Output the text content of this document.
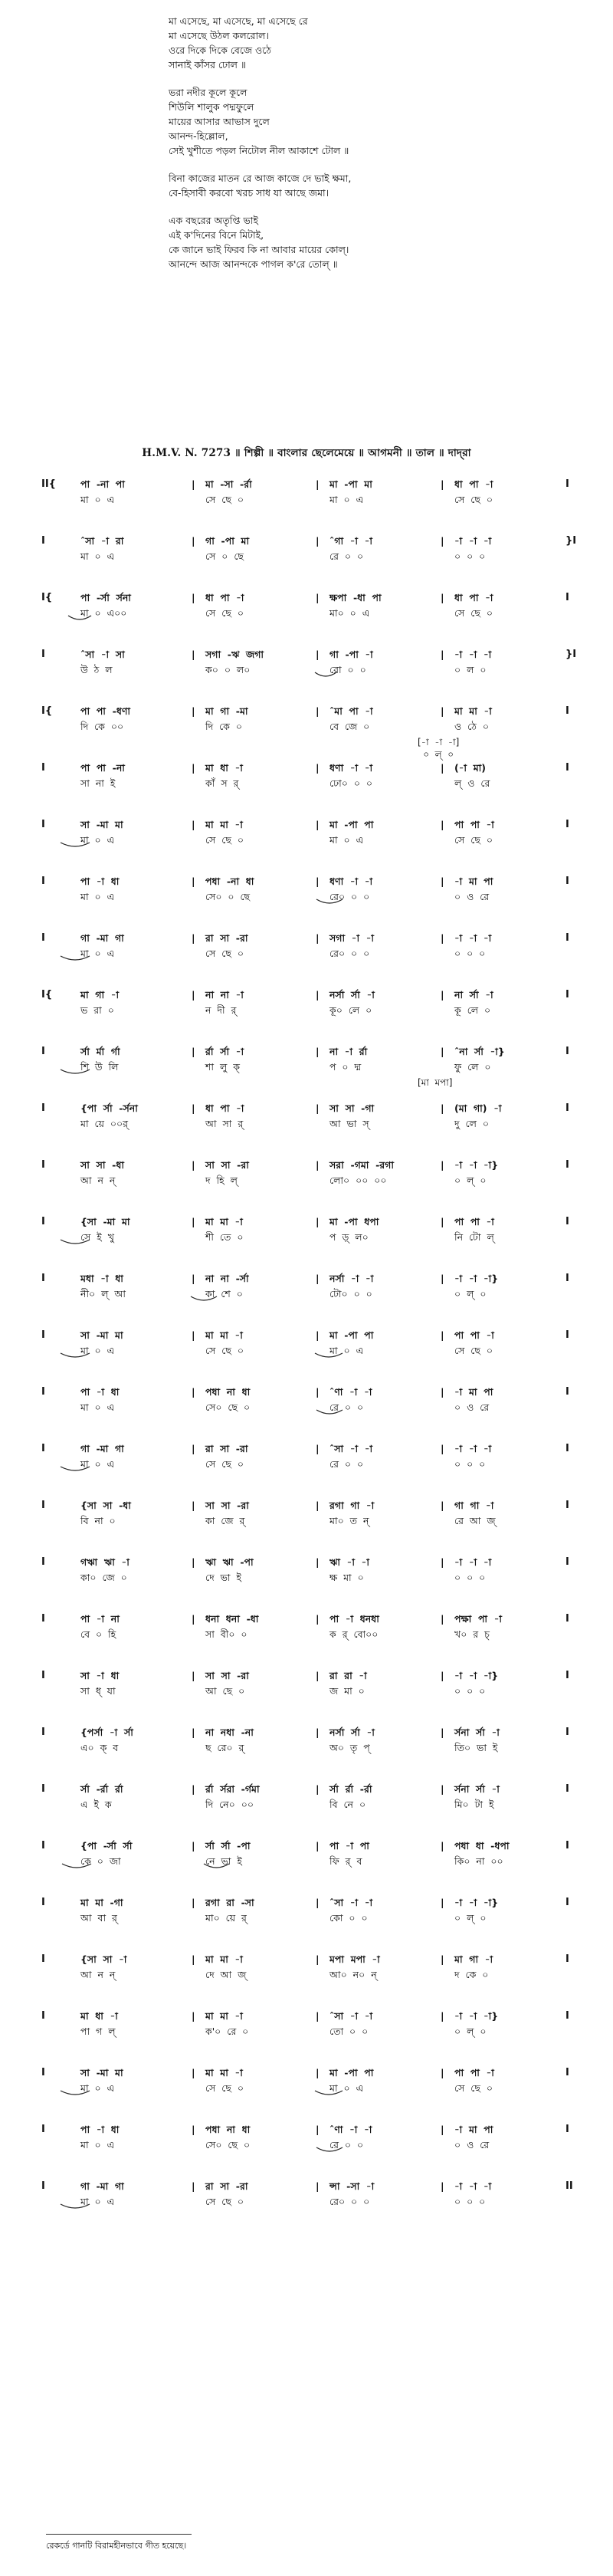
মা এসেছে, মা এসেছে, মা এসেছে রে
মা এসেছে উঠল কলরোল।
ওরে দিকে দিকে বেজে ওঠে
সানাই কাঁসর ঢোল ॥
ভরা নদীর কূলে কূলে
শিউলি শালুক পদ্মফুলে
মায়ের আসার আভাস দুলে
আনন্দ-হিল্লোল,
সেই খুশীতে পড়ল নিটোল নীল আকাশে টোল ॥
বিনা কাজের মাতন রে আজ কাজে দে ভাই ক্ষমা,
বে-হিসাবী করবো খরচ সাধ যা আছে জমা।
এক বছরের অতৃপ্তি ভাই
এই ক'দিনের বিনে মিটাই,
কে জানে ভাই ফিরব কি না আবার মায়ের কোল্।
আনন্দে আজ আনন্দকে পাগল ক'রে তোল্ ॥
H.M.V. N. 7273 ॥ শিল্পী ॥ বাংলার ছেলেমেয়ে ॥ আগমনী ॥ তাল ॥ দাদ্‌রা
II{	পা  -না  পা	মা  -সা  -র্রা	মা  -পা  মা	ধা  পা  -া
|	|	|	I
মা  ০  এ	সে  ছে  ০	মা  ০  এ	সে  ছে  ০
I	ˆসা  -া  রা	গা  -পা  মা	ˆগা  -া  -া	-া  -া  -া
|	|	|	}I
মা  ০  এ	সে  ০  ছে	রে  ০  ০	০  ০  ০
I{	পা  -র্সা  র্সনা	ধা  পা  -া	ক্ষপা  -ধা  পা	ধা  পা  -া
|	|	|	I
মা  ০  এ০০	সে  ছে  ০	মা০  ০  এ	সে  ছে  ০
I	ˆসা  -া  সা	সগা  -ঋ  জগা	গা  -পা  -া	-া  -া  -া
|	|	|	}I
উ  ঠ  ল	ক০  ০  ল০	রো  ০  ০	০  ল  ০
I{	পা  পা  -ধণা	মা  গা  -মা	ˆমা  পা  -া	মা  মা  -া
|	|	|	I
দি  কে  ০০	দি  কে  ০	বে  জে  ০	ও  ঠে  ০
I	পা  পা  -না	মা  ধা  -া	ধণা  -া  -া	(-া  মা)
|	|	|	I
[-া  -া  -া]
০  ল্  ০
সা  না  ই	কাঁ  স  র্	ঢো০  ০  ০	ল্  ও  রে
I	সা  -মা  মা	মা  মা  -া	মা  -পা  পা	পা  পা  -া
|	|	|	I
মা  ০  এ	সে  ছে  ০	মা  ০  এ	সে  ছে  ০
I	পা  -া  ধা	পধা  -না  ধা	ধণা  -া  -া	-া  মা  পা
|	|	|	I
মা  ০  এ	সে০  ০  ছে	রে০  ০  ০	০  ও  রে
I	গা  -মা  গা	রা  সা  -রা	সগা  -া  -া	-া  -া  -া
|	|	|	I
মা  ০  এ	সে  ছে  ০	রে০  ০  ০	০  ০  ০
I{	মা  গা  -া	না  না  -া	নর্সা  র্সা  -া	না  র্সা  -া
|	|	|	I
ভ  রা  ০	ন  দী  র্	কূ০  লে  ০	কূ  লে  ০
I	র্সা  র্মা  র্গা	র্রা  র্সা  -া	না  -া  র্রা	ˆনা  র্সা  -া}
|	|	|	I
শি  উ  লি	শা  লু  ক্	প  ০  দ্ম	ফু  লে  ০
I	{পা  র্সা  -র্সনা	ধা  পা  -া	সা  সা  -গা	(মা  গা)  -া
|	|	|	I
[মা  মপা]
মা  য়ে  ০০র্	আ  সা  র্	আ  ভা  স্	দু  লে  ০
I	সা  সা  -ধা	সা  সা  -রা	সরা  -গমা  -রগা	-া  -া  -া}
|	|	|	I
আ  ন  ন্	দ  হি  ল্	লো০  ০০  ০০	০  ল্  ০
I	{সা  -মা  মা	মা  মা  -া	মা  -পা  ধপা	পা  পা  -া
|	|	|	I
সে  ই  খু	শী  তে  ০	প  ড়্  ল০	নি  টো  ল্
I	মধা  -া  ধা	না  না  -র্সা	নর্সা  -া  -া	-া  -া  -া}
|	|	|	I
নী০  ল্  আ	কা  শে  ০	টো০  ০  ০	০  ল্  ০
I	সা  -মা  মা	মা  মা  -া	মা  -পা  পা	পা  পা  -া
|	|	|	I
মা  ০  এ	সে  ছে  ০	মা  ০  এ	সে  ছে  ০
I	পা  -া  ধা	পধা  না  ধা	ˆণা  -া  -া	-া  মা  পা
|	|	|	I
মা  ০  এ	সে০  ছে  ০	রে  ০  ০	০  ও  রে
I	গা  -মা  গা	রা  সা  -রা	ˆসা  -া  -া	-া  -া  -া
|	|	|	I
মা  ০  এ	সে  ছে  ০	রে  ০  ০	০  ০  ০
I	{সা  সা  -ধা	সা  সা  -রা	রগা  গা  -া	গা  গা  -া
|	|	|	I
বি  না  ০	কা  জে  র্	মা০  ত  ন্	রে  আ  জ্
I	গঋা  ঋা  -া	ঋা  ঋা  -পা	ঋা  -া  -া	-া  -া  -া
|	|	|	I
কা০  জে  ০	দে  ভা  ই	ক্ষ  মা  ০	০  ০  ০
I	পা  -া  না	ধনা  ধনা  -ধা	পা  -া  ধনধা	পক্ষা  পা  -া
|	|	|	I
বে  ০  হি	সা  বী০  ০	ক  র্  বো০০	খ০  র  চ্
I	সা  -া  ধা	সা  সা  -রা	রা  রা  -া	-া  -া  -া}
|	|	|	I
সা  ধ্  যা	আ  ছে  ০	জ  মা  ০	০  ০  ০
I	{পর্সা  -া  র্সা	না  নধা  -না	নর্সা  র্সা  -া	র্সনা  র্সা  -া
|	|	|	I
এ০  ক্  ব	ছ  রে০  র্	অ০  তৃ  প্	তি০  ভা  ই
I	র্সা  -র্রা  র্রা	র্রা  র্সরা  -র্গমা	র্সা  র্রা  -র্রা	র্সনা  র্সা  -া
|	|	|	I
এ  ই  ক	দি  নে০  ০০	বি  নে  ০	মি০  টা  ই
I	{পা  -র্সা  র্সা	র্সা  র্সা  -পা	পা  -া  পা	পধা  ধা  -ধপা
|	|	|	I
কে  ০  জা	নে  ভা  ই	ফি  র্  ব	কি০  না  ০০
I	মা  মা  -গা	রগা  রা  -সা	ˆসা  -া  -া	-া  -া  -া}
|	|	|	I
আ  বা  র্	মা০  য়ে  র্	কো  ০  ০	০  ল্  ০
I	{সা  সা  -া	মা  মা  -া	মপা  মপা  -া	মা  গা  -া
|	|	|	I
আ  ন  ন্	দে  আ  জ্	আ০  ন০  ন্	দ  কে  ০
I	মা  ধা  -া	মা  মা  -া	ˆসা  -া  -া	-া  -া  -া}
|	|	|	I
পা  গ  ল্	ক'০  রে  ০	তো  ০  ০	০  ল্  ০
I	সা  -মা  মা	মা  মা  -া	মা  -পা  পা	পা  পা  -া
|	|	|	I
মা  ০  এ	সে  ছে  ০	মা  ০  এ	সে  ছে  ০
I	পা  -া  ধা	পধা  না  ধা	ˆণা  -া  -া	-া  মা  পা
|	|	|	I
মা  ০  এ	সে০  ছে  ০	রে  ০  ০	০  ও  রে
I	গা  -মা  গা	রা  সা  -রা	ন্সা  -সা  -া	-া  -া  -া
|	|	|	II
মা  ০  এ	সে  ছে  ০	রে০  ০  ০	০  ০  ০
রেকর্ডে গানটি বিরামহীনভাবে গীত হয়েছে।
